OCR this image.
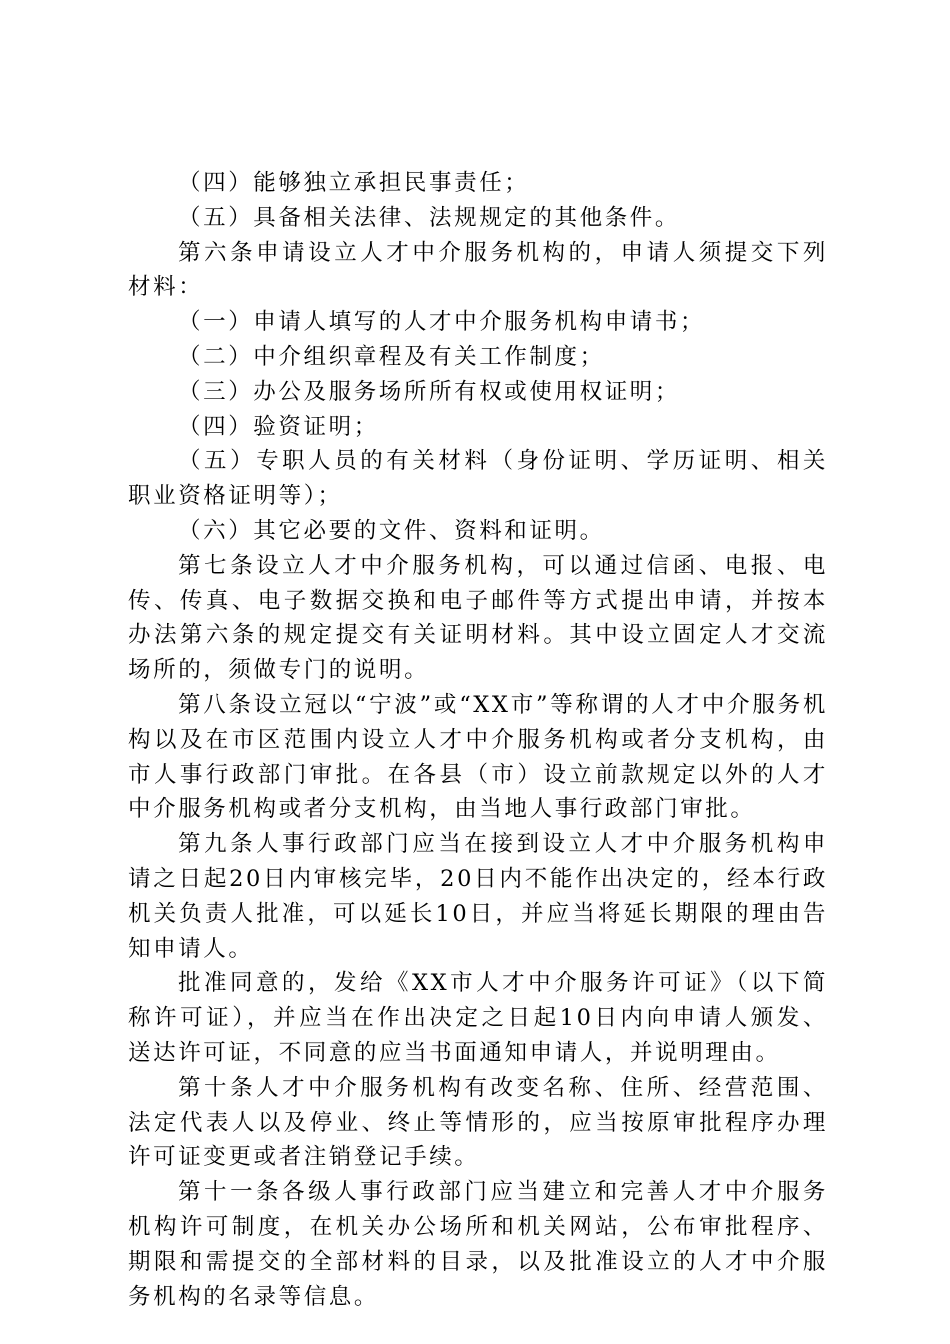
（四）能够独立承担民事责任；

（五）具备相关法律、法规规定的其他条件。

第六条申请设立人才中介服务机构的，申请人须提交下列材料：

（一）申请人填写的人才中介服务机构申请书；

（二）中介组织章程及有关工作制度；

（三）办公及服务场所所有权或使用权证明；

（四）验资证明；

（五）专职人员的有关材料（身份证明、学历证明、相关职业资格证明等）；

（六）其它必要的文件、资料和证明。

第七条设立人才中介服务机构，可以通过信函、电报、电传、传真、电子数据交换和电子邮件等方式提出申请，并按本办法第六条的规定提交有关证明材料。其中设立固定人才交流场所的，须做专门的说明。

第八条设立冠以“宁波”或“XX市”等称谓的人才中介服务机构以及在市区范围内设立人才中介服务机构或者分支机构，由市人事行政部门审批。在各县（市）设立前款规定以外的人才中介服务机构或者分支机构，由当地人事行政部门审批。

第九条人事行政部门应当在接到设立人才中介服务机构申请之日起20日内审核完毕，20日内不能作出决定的，经本行政机关负责人批准，可以延长10日，并应当将延长期限的理由告知申请人。

批准同意的，发给《XX市人才中介服务许可证》（以下简称许可证），并应当在作出决定之日起10日内向申请人颁发、送达许可证，不同意的应当书面通知申请人，并说明理由。

第十条人才中介服务机构有改变名称、住所、经营范围、法定代表人以及停业、终止等情形的，应当按原审批程序办理许可证变更或者注销登记手续。

第十一条各级人事行政部门应当建立和完善人才中介服务机构许可制度，在机关办公场所和机关网站，公布审批程序、期限和需提交的全部材料的目录，以及批准设立的人才中介服务机构的名录等信息。
